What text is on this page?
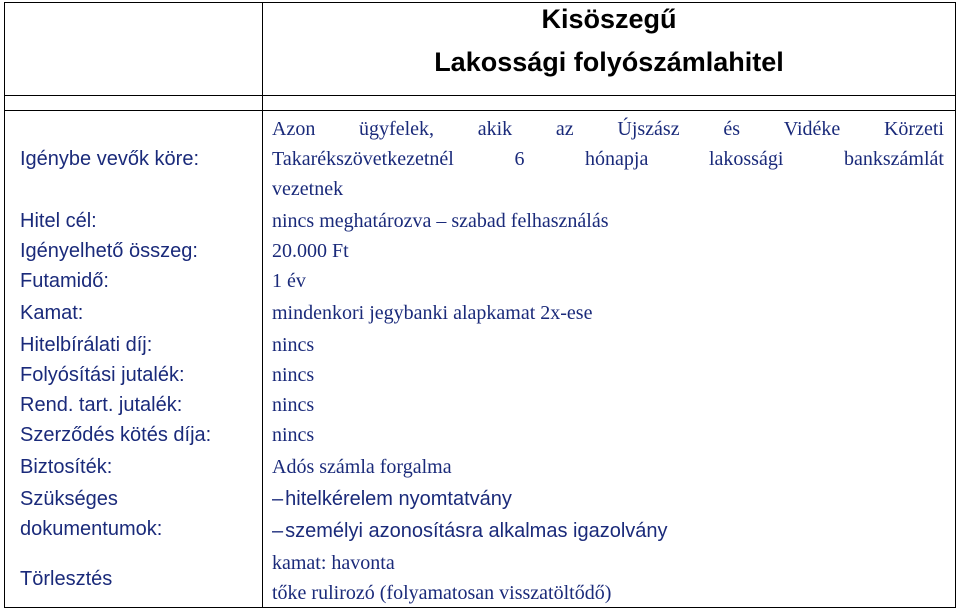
Kisöszegű
Lakossági folyószámlahitel
Igénybe vevők köre:
Azon ügyfelek, akik az Újszász és Vidéke Körzeti
Takarékszövetkezetnél	6	hónapja	lakossági	bankszámlát
vezetnek
Hitel cél:	nincs meghatározva – szabad felhasználás
Igényelhető összeg:	20.000 Ft
Futamidő:	1 év
Kamat:	mindenkori jegybanki alapkamat 2x-ese
Hitelbírálati díj:	nincs
Folyósítási jutalék:	nincs
Rend. tart. jutalék:	nincs
Szerződés kötés díja:	nincs
Biztosíték:	Adós számla forgalma
Szükséges
dokumentumok:
– hitelkérelem nyomtatvány
– személyi azonosításra alkalmas igazolvány
Törlesztés
kamat: havonta
tőke rulirozó (folyamatosan visszatöltődő)
